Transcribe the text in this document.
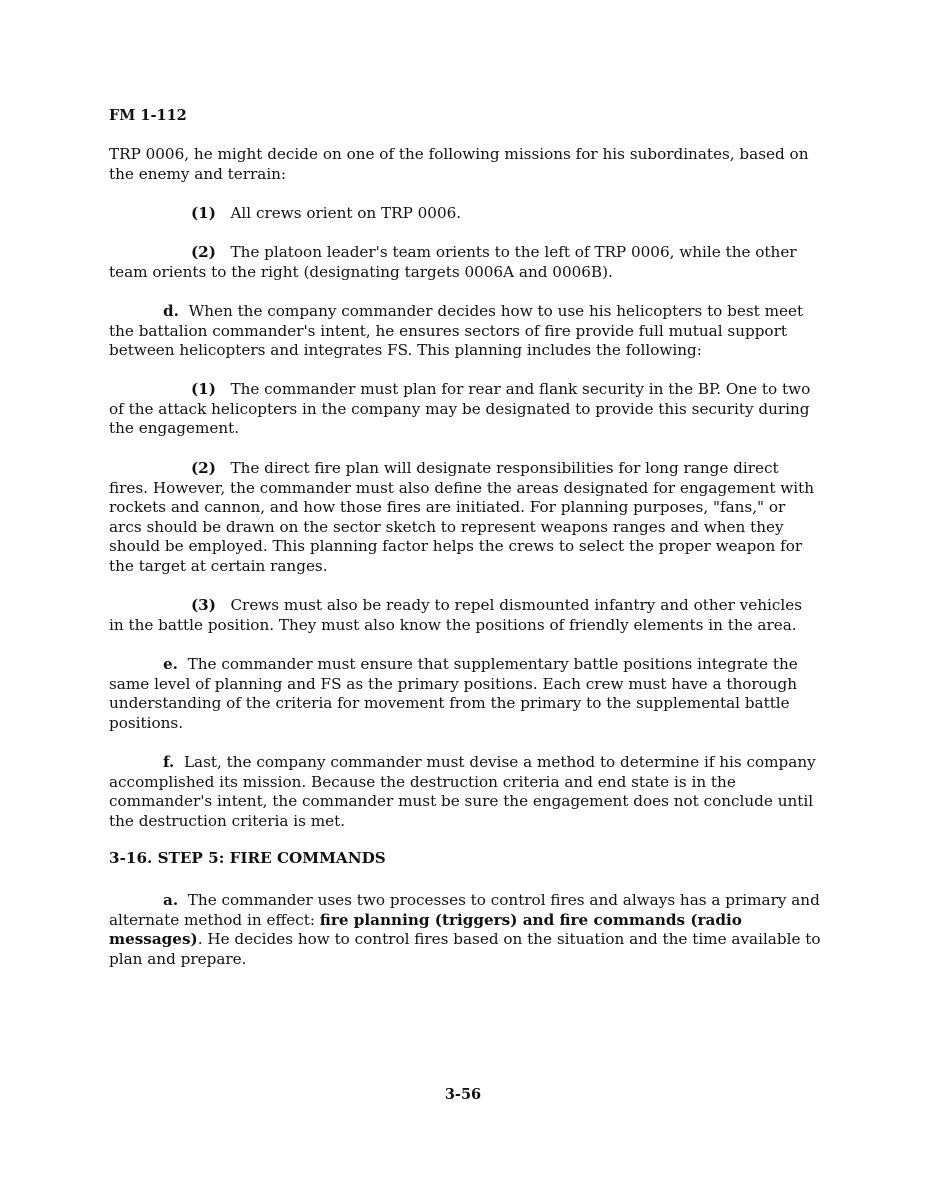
FM 1-112

TRP 0006, he might decide on one of the following missions for his subordinates, based on the enemy and terrain:

(1) All crews orient on TRP 0006.

(2) The platoon leader's team orients to the left of TRP 0006, while the other team orients to the right (designating targets 0006A and 0006B).

d. When the company commander decides how to use his helicopters to best meet the battalion commander's intent, he ensures sectors of fire provide full mutual support between helicopters and integrates FS. This planning includes the following:

(1) The commander must plan for rear and flank security in the BP. One to two of the attack helicopters in the company may be designated to provide this security during the engagement.

(2) The direct fire plan will designate responsibilities for long range direct fires. However, the commander must also define the areas designated for engagement with rockets and cannon, and how those fires are initiated. For planning purposes, "fans," or arcs should be drawn on the sector sketch to represent weapons ranges and when they should be employed. This planning factor helps the crews to select the proper weapon for the target at certain ranges.

(3) Crews must also be ready to repel dismounted infantry and other vehicles in the battle position. They must also know the positions of friendly elements in the area.

e. The commander must ensure that supplementary battle positions integrate the same level of planning and FS as the primary positions. Each crew must have a thorough understanding of the criteria for movement from the primary to the supplemental battle positions.

f. Last, the company commander must devise a method to determine if his company accomplished its mission. Because the destruction criteria and end state is in the commander's intent, the commander must be sure the engagement does not conclude until the destruction criteria is met.

3-16. STEP 5: FIRE COMMANDS

a. The commander uses two processes to control fires and always has a primary and alternate method in effect: fire planning (triggers) and fire commands (radio messages). He decides how to control fires based on the situation and the time available to plan and prepare.

3-56
